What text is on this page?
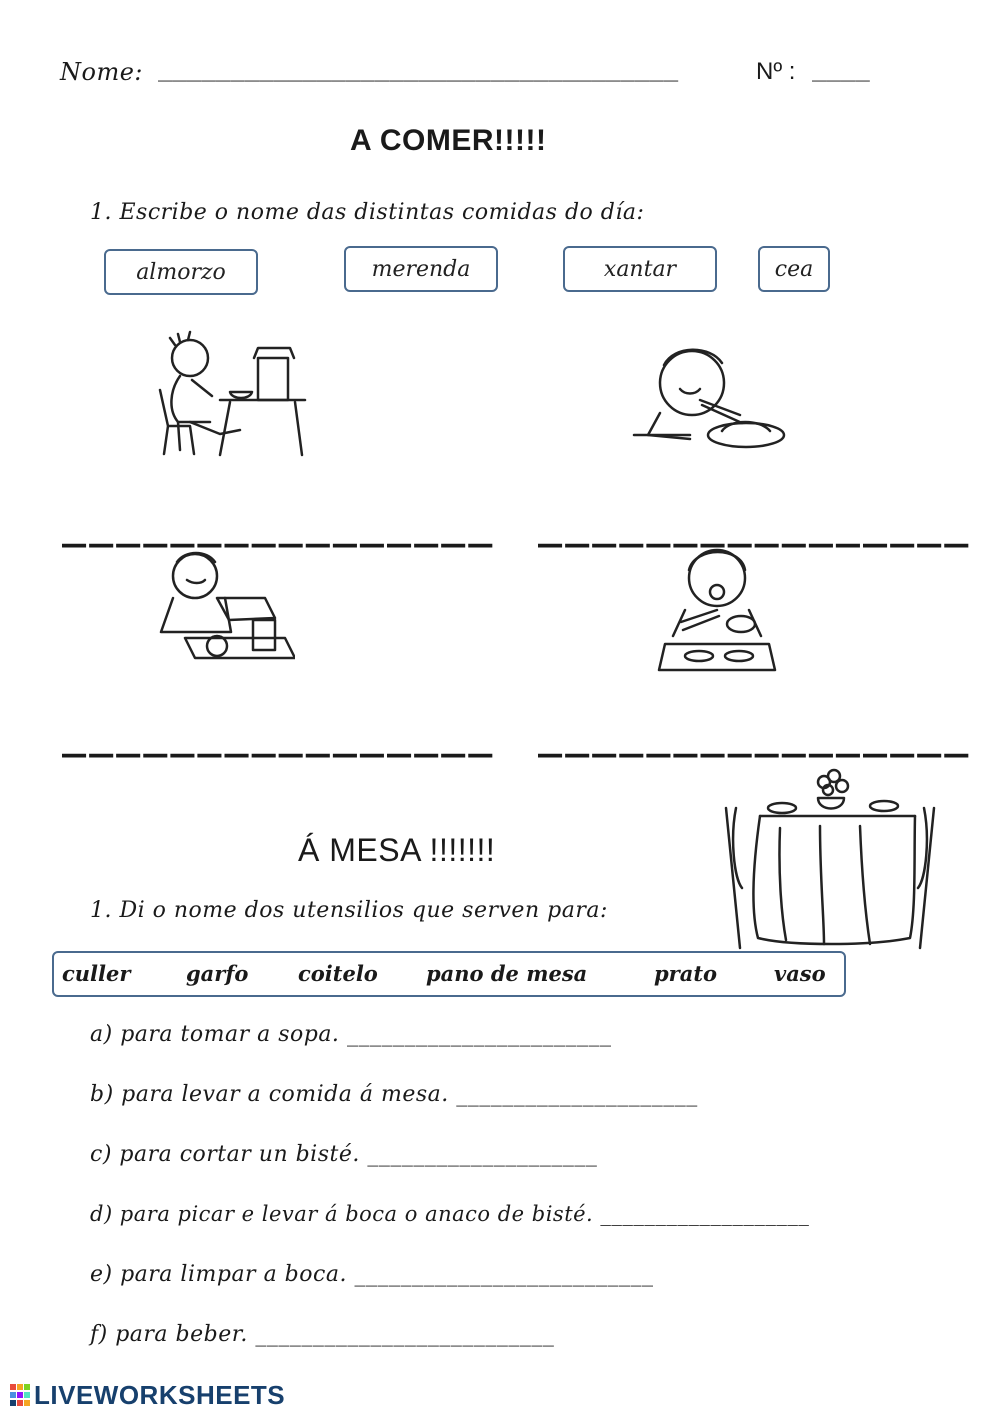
Nome: ____________________________________	Nº : ____
A COMER!!!!!
1. Escribe o nome das distintas comidas do día:
almorzo	merenda	xantar	cea
________________ ________________
________________ ________________
Á MESA !!!!!!!
1. Di o nome dos utensilios que serven para:
culler	garfo coitelo pano de mesa	prato	vaso
a) para tomar a sopa. _______________________
b) para levar a comida á mesa. _____________________
c) para cortar un bisté. ____________________
d) para picar e levar á boca o anaco de bisté. ___________________
e) para limpar a boca. __________________________
f) para beber. __________________________
LIVEWORKSHEETS
